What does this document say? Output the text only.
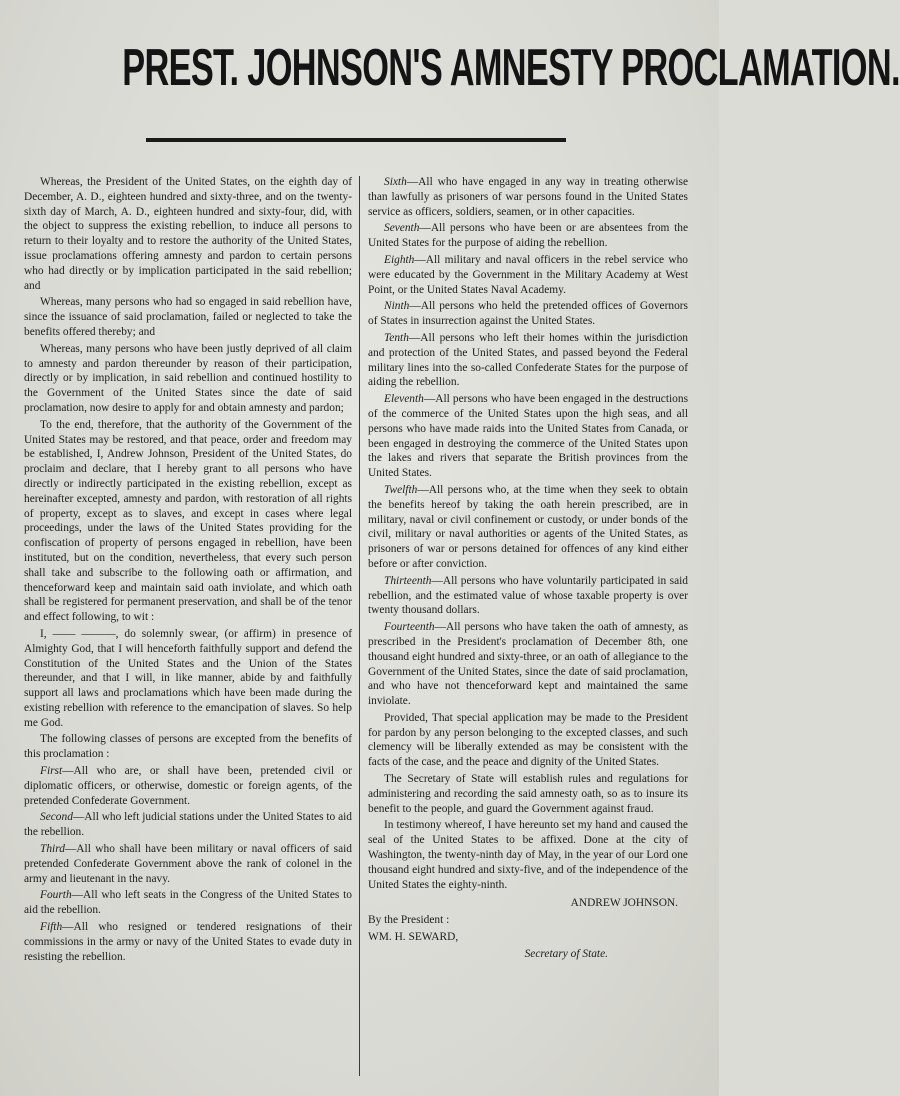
PREST. JOHNSON'S AMNESTY PROCLAMATION.

Whereas, the President of the United States, on the eighth day of December, A. D., eighteen hundred and sixty-three, and on the twenty-sixth day of March, A. D., eighteen hundred and sixty-four, did, with the object to suppress the existing rebellion, to induce all persons to return to their loyalty and to restore the authority of the United States, issue proclamations offering amnesty and pardon to certain persons who had directly or by implication participated in the said rebellion; and

Whereas, many persons who had so engaged in said rebellion have, since the issuance of said proclamation, failed or neglected to take the benefits offered thereby; and

Whereas, many persons who have been justly deprived of all claim to amnesty and pardon thereunder by reason of their participation, directly or by implication, in said rebellion and continued hostility to the Government of the United States since the date of said proclamation, now desire to apply for and obtain amnesty and pardon;

To the end, therefore, that the authority of the Government of the United States may be restored, and that peace, order and freedom may be established, I, Andrew Johnson, President of the United States, do proclaim and declare, that I hereby grant to all persons who have directly or indirectly participated in the existing rebellion, except as hereinafter excepted, amnesty and pardon, with restoration of all rights of property, except as to slaves, and except in cases where legal proceedings, under the laws of the United States providing for the confiscation of property of persons engaged in rebellion, have been instituted, but on the condition, nevertheless, that every such person shall take and subscribe to the following oath or affirmation, and thenceforward keep and maintain said oath inviolate, and which oath shall be registered for permanent preservation, and shall be of the tenor and effect following, to wit :

I, —— ———, do solemnly swear, (or affirm) in presence of Almighty God, that I will henceforth faithfully support and defend the Constitution of the United States and the Union of the States thereunder, and that I will, in like manner, abide by and faithfully support all laws and proclamations which have been made during the existing rebellion with reference to the emancipation of slaves. So help me God.

The following classes of persons are excepted from the benefits of this proclamation :

First—All who are, or shall have been, pretended civil or diplomatic officers, or otherwise, domestic or foreign agents, of the pretended Confederate Government.

Second—All who left judicial stations under the United States to aid the rebellion.

Third—All who shall have been military or naval officers of said pretended Confederate Government above the rank of colonel in the army and lieutenant in the navy.

Fourth—All who left seats in the Congress of the United States to aid the rebellion.

Fifth—All who resigned or tendered resignations of their commissions in the army or navy of the United States to evade duty in resisting the rebellion.

Sixth—All who have engaged in any way in treating otherwise than lawfully as prisoners of war persons found in the United States service as officers, soldiers, seamen, or in other capacities.

Seventh—All persons who have been or are absentees from the United States for the purpose of aiding the rebellion.

Eighth—All military and naval officers in the rebel service who were educated by the Government in the Military Academy at West Point, or the United States Naval Academy.

Ninth—All persons who held the pretended offices of Governors of States in insurrection against the United States.

Tenth—All persons who left their homes within the jurisdiction and protection of the United States, and passed beyond the Federal military lines into the so-called Confederate States for the purpose of aiding the rebellion.

Eleventh—All persons who have been engaged in the destructions of the commerce of the United States upon the high seas, and all persons who have made raids into the United States from Canada, or been engaged in destroying the commerce of the United States upon the lakes and rivers that separate the British provinces from the United States.

Twelfth—All persons who, at the time when they seek to obtain the benefits hereof by taking the oath herein prescribed, are in military, naval or civil confinement or custody, or under bonds of the civil, military or naval authorities or agents of the United States, as prisoners of war or persons detained for offences of any kind either before or after conviction.

Thirteenth—All persons who have voluntarily participated in said rebellion, and the estimated value of whose taxable property is over twenty thousand dollars.

Fourteenth—All persons who have taken the oath of amnesty, as prescribed in the President's proclamation of December 8th, one thousand eight hundred and sixty-three, or an oath of allegiance to the Government of the United States, since the date of said proclamation, and who have not thenceforward kept and maintained the same inviolate.

Provided, That special application may be made to the President for pardon by any person belonging to the excepted classes, and such clemency will be liberally extended as may be consistent with the facts of the case, and the peace and dignity of the United States.

The Secretary of State will establish rules and regulations for administering and recording the said amnesty oath, so as to insure its benefit to the people, and guard the Government against fraud.

In testimony whereof, I have hereunto set my hand and caused the seal of the United States to be affixed. Done at the city of Washington, the twenty-ninth day of May, in the year of our Lord one thousand eight hundred and sixty-five, and of the independence of the United States the eighty-ninth.

ANDREW JOHNSON.

By the President :

WM. H. SEWARD,

Secretary of State.
